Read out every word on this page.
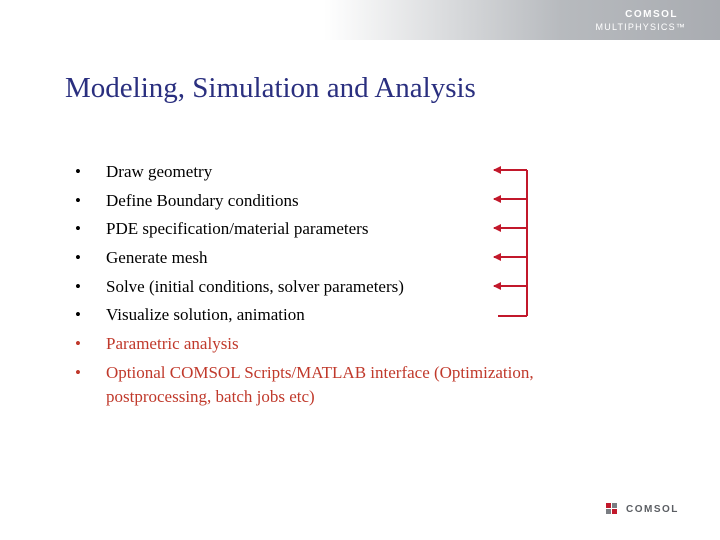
COMSOL
MULTIPHYSICS™
Modeling, Simulation and Analysis
• Draw geometry
• Define Boundary conditions
• PDE specification/material parameters
• Generate mesh
• Solve (initial conditions, solver parameters)
• Visualize solution, animation
• Parametric analysis
• Optional COMSOL Scripts/MATLAB interface (Optimization, postprocessing, batch jobs etc)
COMSOL
